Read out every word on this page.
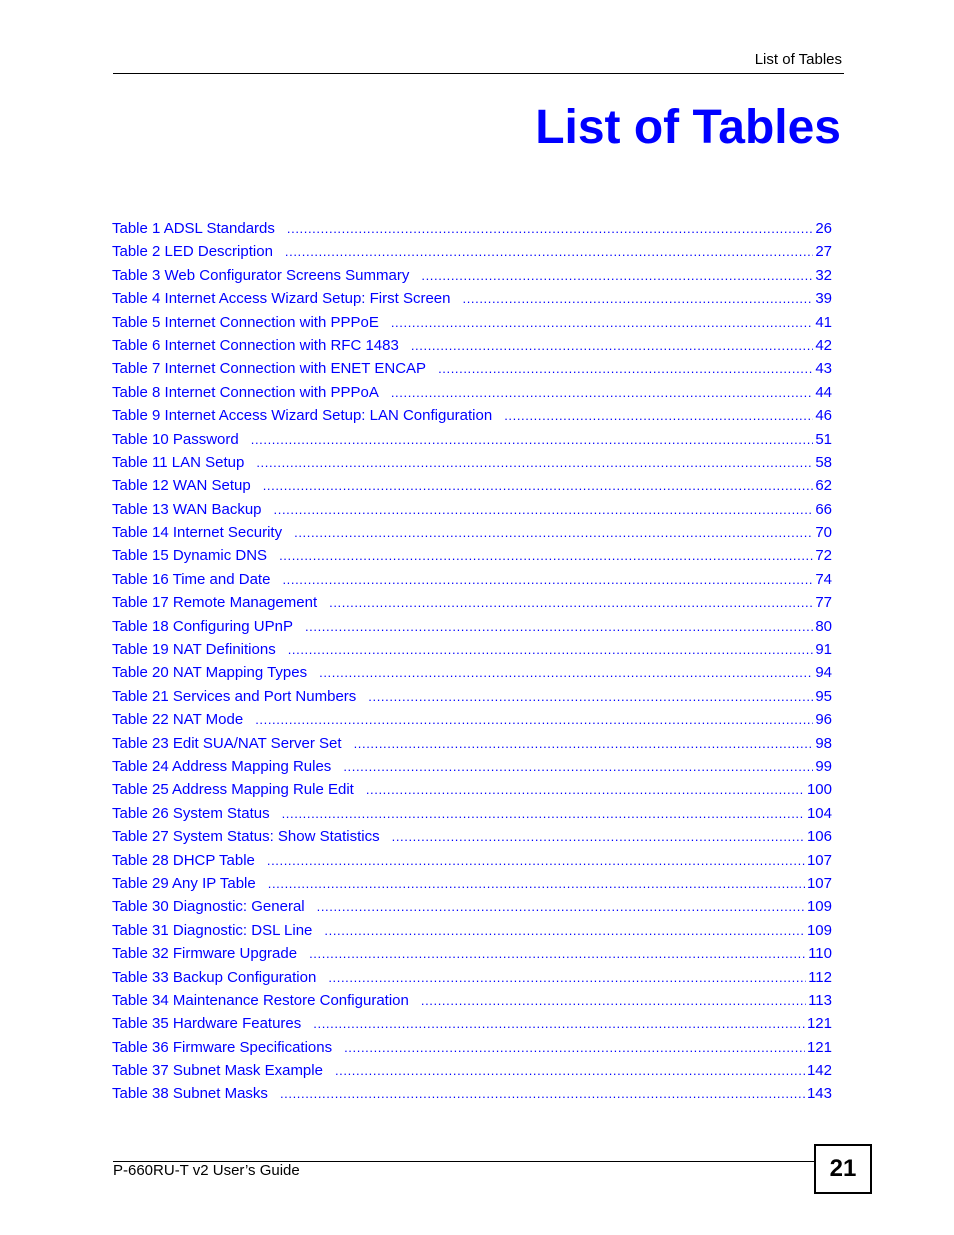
List of Tables
List of Tables
Table 1 ADSL Standards .....	26
Table 2 LED Description .....	27
Table 3 Web Configurator Screens Summary .....	32
Table 4 Internet Access Wizard Setup: First Screen .....	39
Table 5 Internet Connection with PPPoE .....	41
Table 6 Internet Connection with RFC 1483 .....	42
Table 7 Internet Connection with ENET ENCAP .....	43
Table 8 Internet Connection with PPPoA .....	44
Table 9 Internet Access Wizard Setup: LAN Configuration .....	46
Table 10 Password .....	51
Table 11 LAN Setup .....	58
Table 12 WAN Setup .....	62
Table 13 WAN Backup .....	66
Table 14 Internet Security .....	70
Table 15 Dynamic DNS .....	72
Table 16 Time and Date .....	74
Table 17 Remote Management .....	77
Table 18 Configuring UPnP .....	80
Table 19 NAT Definitions .....	91
Table 20 NAT Mapping Types .....	94
Table 21 Services and Port Numbers .....	95
Table 22 NAT Mode .....	96
Table 23 Edit SUA/NAT Server Set .....	98
Table 24 Address Mapping Rules .....	99
Table 25 Address Mapping Rule Edit .....	100
Table 26 System Status .....	104
Table 27 System Status: Show Statistics .....	106
Table 28 DHCP Table .....	107
Table 29 Any IP Table .....	107
Table 30 Diagnostic: General .....	109
Table 31 Diagnostic: DSL Line .....	109
Table 32 Firmware Upgrade .....	110
Table 33 Backup Configuration .....	112
Table 34 Maintenance Restore Configuration .....	113
Table 35 Hardware Features .....	121
Table 36 Firmware Specifications .....	121
Table 37 Subnet Mask Example .....	142
Table 38 Subnet Masks .....	143
P-660RU-T v2 User’s Guide	21
